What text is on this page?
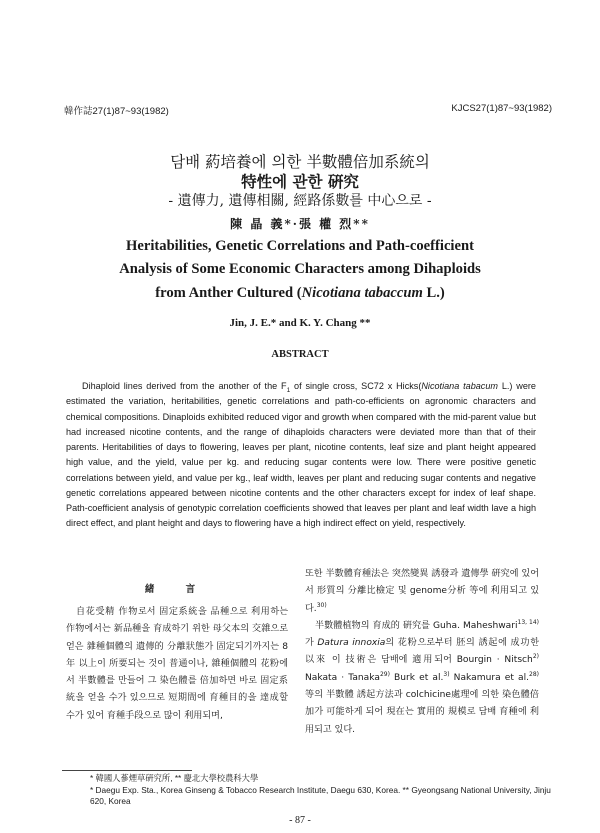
韓作誌27(1)87~93(1982)	KJCS27(1)87~93(1982)
담배 葯培養에 의한 半數體倍加系統의
特性에 관한 硏究
- 遺傳力, 遺傳相關, 經路係數를 中心으로 -
陳 晶 義*·張 權 烈**
Heritabilities, Genetic Correlations and Path-coefficient
Analysis of Some Economic Characters among Dihaploids
from Anther Cultured (Nicotiana tabaccum L.)
Jin, J. E.* and K. Y. Chang **
ABSTRACT

Dihaploid lines derived from the another of the $F_1$ of single cross, SC72 x Hicks(Nicotiana tabacum L.) were estimated the variation, heritabilities, genetic correlations and path-co-efficients on agronomic characters and chemical compositions. Dinaploids exhibited reduced vigor and growth when compared with the mid-parent value but had increased nicotine contents, and the range of dihaploids characters were deviated more than that of their parents. Heritabilities of days to flowering, leaves per plant, nicotine contents, leaf size and plant height appeared high value, and the yield, value per kg. and reducing sugar contents were low. There were positive genetic correlations between yield, and value per kg., leaf width, leaves per plant and reducing sugar contents and negative genetic correlations appeared between nicotine contents and the other characters except for index of leaf shape. Path-coefficient analysis of genotypic correlation coefficients showed that leaves per plant and leaf width lave a high direct effect, and plant height and days to flowering have a high indirect effect on yield, respectively.

緒 言

自花受精 作物로서 固定系統을 品種으로 利用하는 作物에서는 新品種을 育成하기 위한 母父本의 交雜으로 얻은 雜種個體의 遺傳的 分離狀態가 固定되기까지는 8年 以上이 所要되는 것이 普通이나, 雜種個體의 花粉에서 半數體를 만들어 그 染色體를 倍加하면 바로 固定系統을 얻을 수가 있으므로 短期間에 育種目的을 達成할 수가 있어 育種手段으로 많이 利用되며,

또한 半數體育種法은 突然變異 誘發과 遺傳學 硏究에 있어서 形質의 分離比檢定 및 genome分析 等에 利用되고 있다.$^{30)}$

半數體植物의 育成的 硏究를 Guha. Maheshwari$^{13, 14)}$가 Datura innoxia의 花粉으로부터 胚의 誘起에 成功한 以來 이 技術은 담배에 適用되어 Bourgin · Nitsch$^{2)}$ Nakata · Tanaka$^{29)}$ Burk et al.$^{3)}$ Nakamura et al.$^{28)}$ 等의 半數體 誘起方法과 colchicine處理에 의한 染色體倍加가 可能하게 되어 現在는 實用的 規模로 담배 育種에 利用되고 있다.

* 韓國人蔘煙草硏究所, ** 慶北大學校農科大學
* Daegu Exp. Sta., Korea Ginseng & Tobacco Research Institute, Daegu 630, Korea. ** Gyeongsang National University, Jinju 620, Korea
- 87 -
